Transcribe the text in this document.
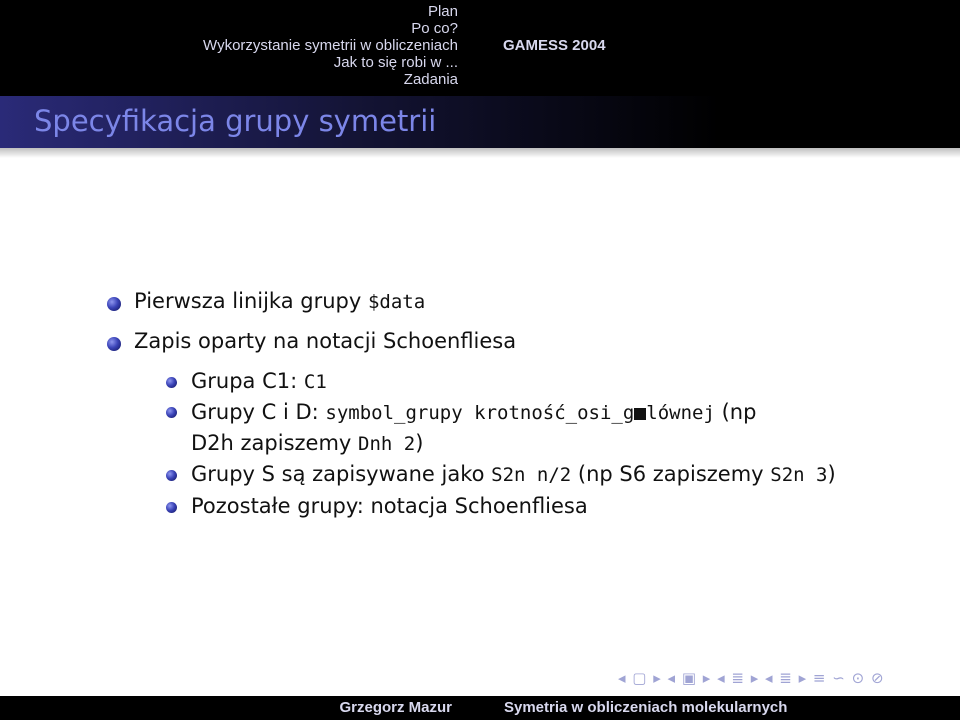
Plan
Po co?
Wykorzystanie symetrii w obliczeniach
Jak to się robi w ...
Zadania
GAMESS 2004
Specyfikacja grupy symetrii
Pierwsza linijka grupy $data
Zapis oparty na notacji Schoenfliesa
Grupa C1: C1
Grupy C i D: symbol_grupy krotność_osi_g lównej (np
D2h zapiszemy Dnh 2)
Grupy S są zapisywane jako S2n n/2 (np S6 zapiszemy S2n 3)
Pozostałe grupy: notacja Schoenfliesa
◂ ▢ ▸ ◂ ▣ ▸ ◂ ≣ ▸ ◂ ≣ ▸ ≡ ∽ ⊙ ⊘
Grzegorz Mazur	Symetria w obliczeniach molekularnych
